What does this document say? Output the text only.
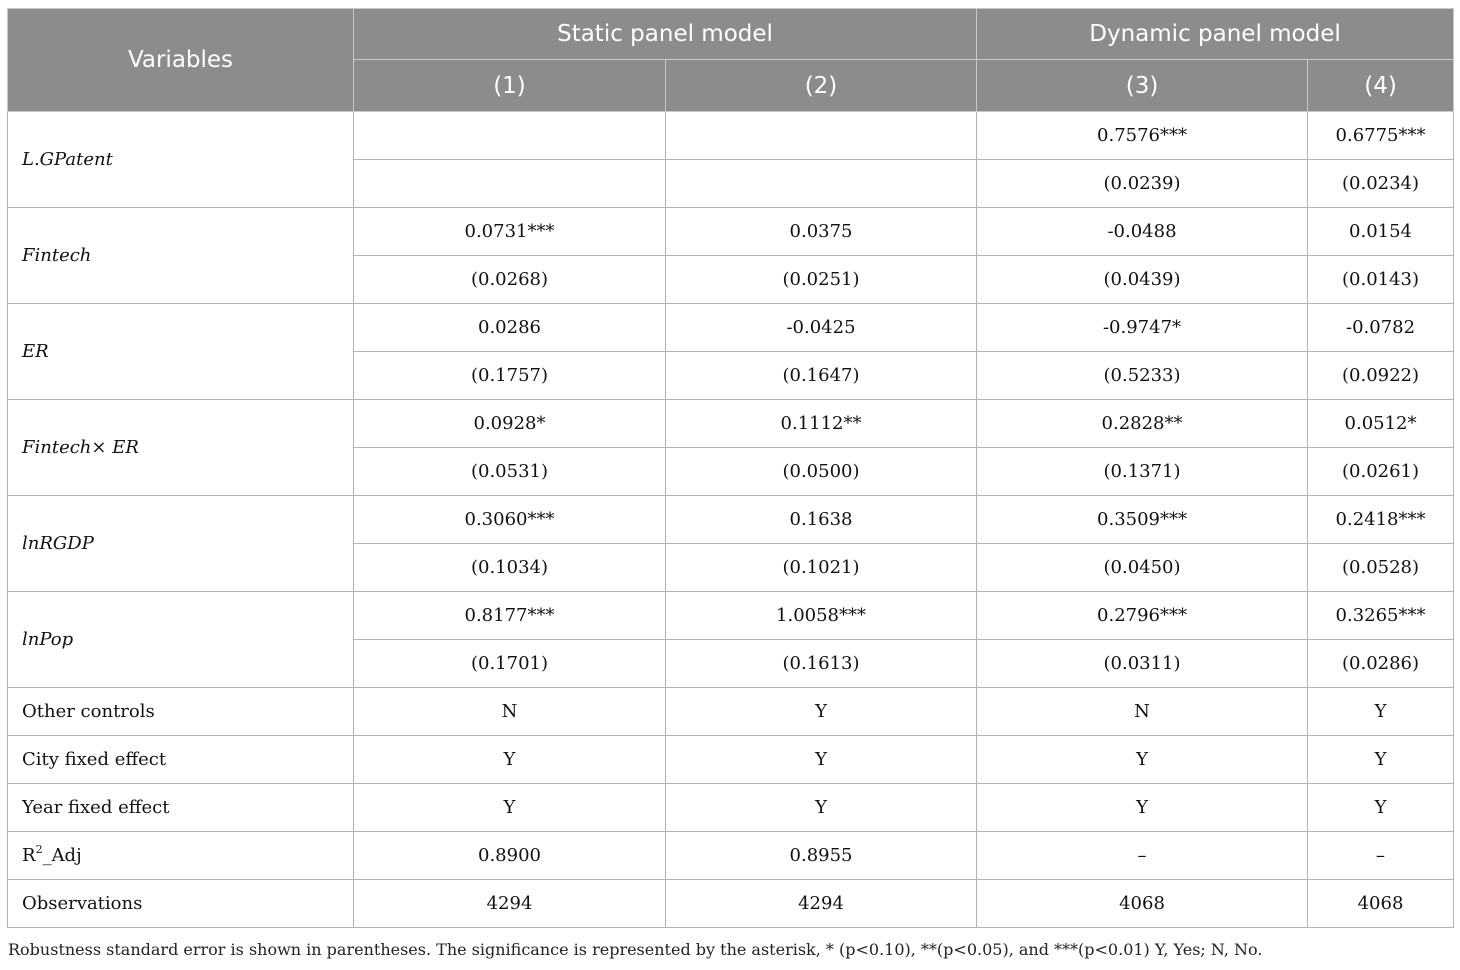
Variables	Static panel model		Dynamic panel model	
	(1)	(2)	(3)	(4)
L.GPatent			0.7576***	0.6775***
			(0.0239)	(0.0234)
Fintech	0.0731***	0.0375	-0.0488	0.0154
	(0.0268)	(0.0251)	(0.0439)	(0.0143)
ER	0.0286	-0.0425	-0.9747*	-0.0782
	(0.1757)	(0.1647)	(0.5233)	(0.0922)
Fintech× ER	0.0928*	0.1112**	0.2828**	0.0512*
	(0.0531)	(0.0500)	(0.1371)	(0.0261)
lnRGDP	0.3060***	0.1638	0.3509***	0.2418***
	(0.1034)	(0.1021)	(0.0450)	(0.0528)
lnPop	0.8177***	1.0058***	0.2796***	0.3265***
	(0.1701)	(0.1613)	(0.0311)	(0.0286)
Other controls	N	Y	N	Y
City fixed effect	Y	Y	Y	Y
Year fixed effect	Y	Y	Y	Y
$R^2\_Adj$	0.8900	0.8955	–	–
Observations	4294	4294	4068	4068

Robustness standard error is shown in parentheses. The significance is represented by the asterisk, * (p<0.10), **(p<0.05), and ***(p<0.01) Y, Yes; N, No.
